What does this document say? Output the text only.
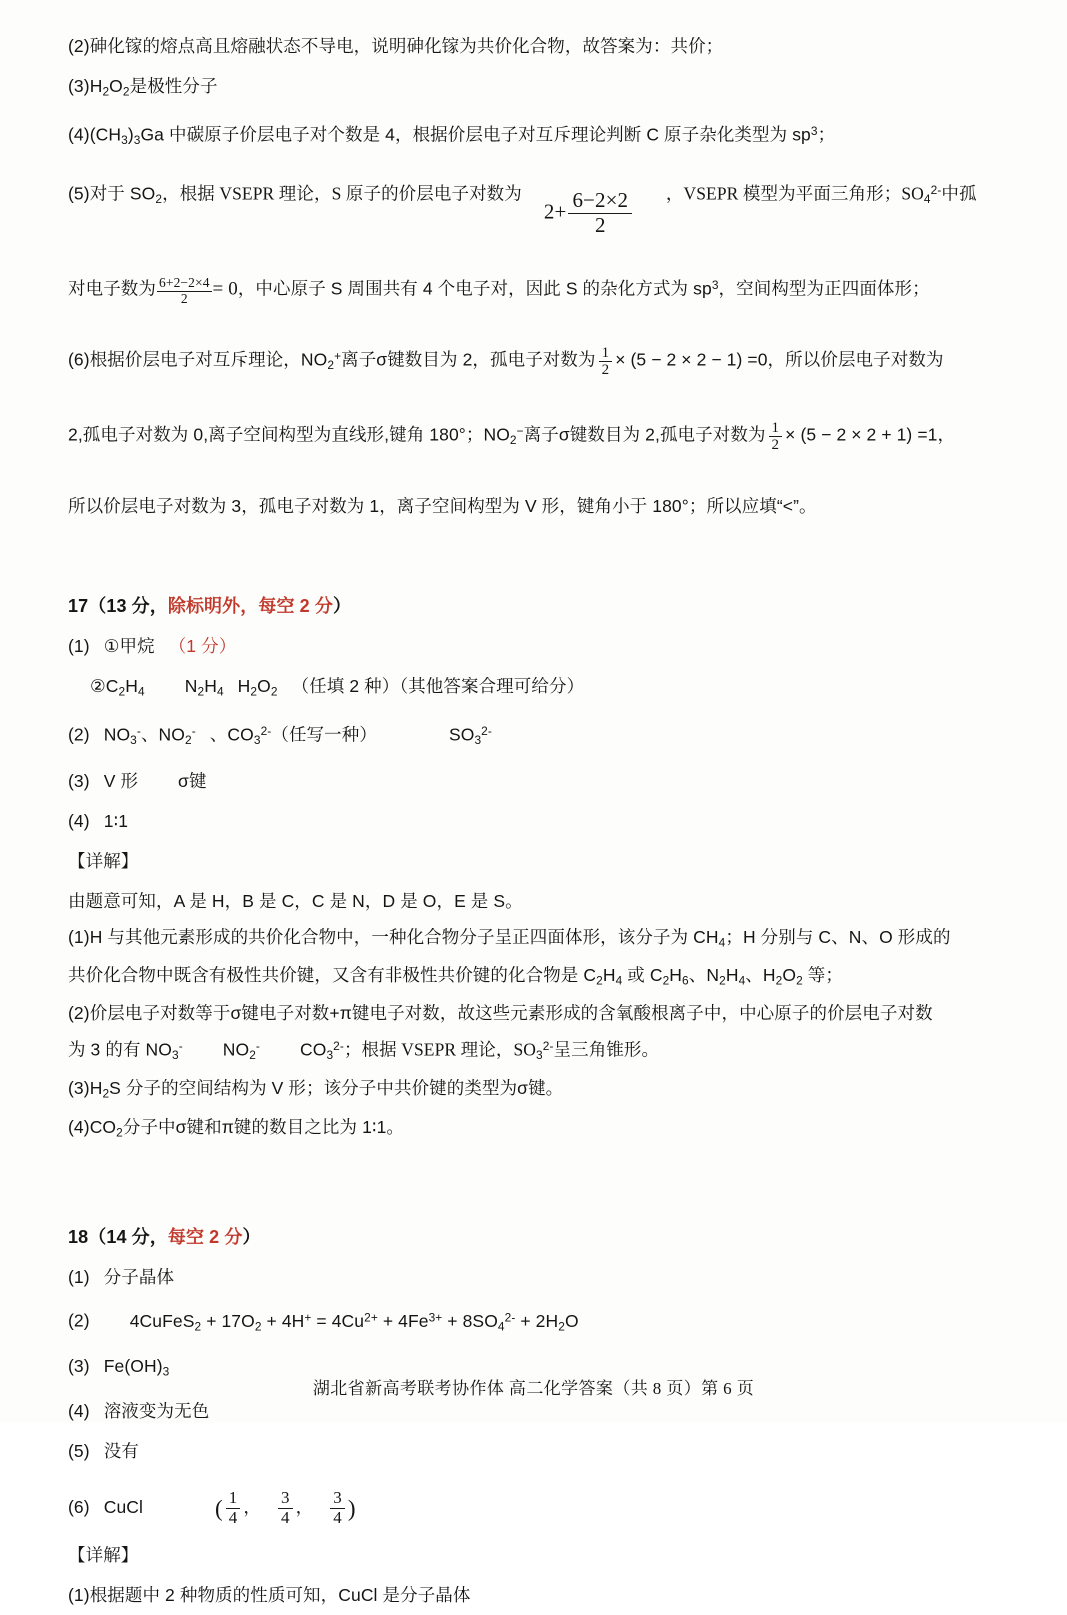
(2)砷化镓的熔点高且熔融状态不导电，说明砷化镓为共价化合物，故答案为：共价；
$(3)H_2O_2$是极性分子
$(4)(CH_3)_3Ga$ 中碳原子价层电子对个数是 4，根据价层电子对互斥理论判断 C 原子杂化类型为 $sp^3$；
(5)对于 $SO_2$，根据 VSEPR 理论，S 原子的价层电子对数为
$2+ \frac{6-2\times 2}{2}$ ，VSEPR 模型为平面三角形；$SO_4^{2-}$中孤
对电子数为 $\frac{6+2-2\times 4}{2} = 0$，中心原子 S 周围共有 4 个电子对，因此 S 的杂化方式为 $sp^3$，空间构型为正四面体形；
(6)根据价层电子对互斥理论，$NO_2^+$离子σ键数目为 2，孤电子对数为 $\frac{1}{2} \times (5 - 2 \times 2 - 1) =0$，所以价层电子对数为
2,孤电子对数为 0,离子空间构型为直线形,键角 180°；$NO_2^-$离子σ键数目为 2,孤电子对数为 $\frac{1}{2} \times (5 - 2 \times 2 + 1) =1$，
所以价层电子对数为 3，孤电子对数为 1，离子空间构型为 V 形，键角小于 180°；所以应填“<”。
17（13 分，除标明外，每空 2 分）
(1) ①甲烷 （1 分）
$②C_2H_4$ $N_2H_4$ $H_2O_2$ （任填 2 种）（其他答案合理可给分）
(2) $NO_3^-$、$NO_2^-$ 、$CO_3^{2-}$（任写一种）	$SO_3^{2-}$
(3) V 形 σ键
(4) 1∶1
【详解】
由题意可知，A 是 H，B 是 C，C 是 N，D 是 O，E 是 S。
(1)H 与其他元素形成的共价化合物中，一种化合物分子呈正四面体形，该分子为 $CH_4$；H 分别与 C、N、O 形成的
共价化合物中既含有极性共价键，又含有非极性共价键的化合物是 $C_2H_4$ 或 $C_2H_6$、$N_2H_4$、$H_2O_2$ 等；
(2)价层电子对数等于σ键电子对数+π键电子对数，故这些元素形成的含氧酸根离子中，中心原子的价层电子对数
为 3 的有 $NO_3^-$ $NO_2^-$ $CO_3^{2-}$；根据 VSEPR 理论，$SO_3^{2-}$呈三角锥形。
$(3)H_2S$ 分子的空间结构为 V 形；该分子中共价键的类型为σ键。
$(4)CO_2$分子中σ键和π键的数目之比为 1∶1。
18（14 分，每空 2 分）
(1) 分子晶体
(2) 4CuFeS$_2$ + $17O_2 + 4H^+ = 4Cu^{2+} + 4Fe^{3+} + 8SO_4^{2-} + 2H_2O$
(3) $Fe(OH)_3$
(4) 溶液变为无色
(5) 没有
(6) CuCl	( $\frac{1}{4}$ ， $\frac{3}{4}$ ， $\frac{3}{4}$ )
【详解】
(1)根据题中 2 种物质的性质可知，CuCl 是分子晶体
湖北省新高考联考协作体 高二化学答案（共 8 页）第 6 页
